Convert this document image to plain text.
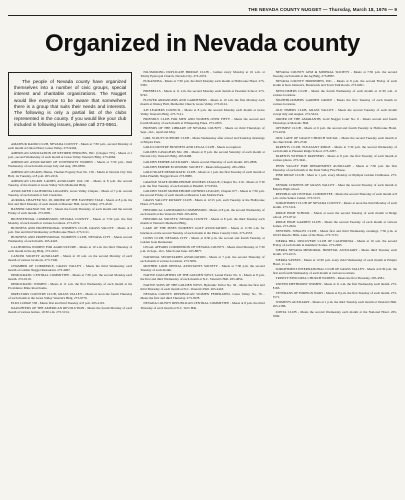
THE NEVADA COUNTY NUGGET — Thursday, March 18, 1976 — 9
Organized in Nevada county

The people of Nevada county have organized themselves into a number of civic groups, special interest and charitable organizations. The Nugget would like everyone to be aware that somewhere there is a group that suits their needs and interests. The following is only a partial list of the clubs represented in the county. If you would like your club included in following issues, please call 273-9561.

AMATEUR RADIO CLUB, NEVADA COUNTY - Meets at 7:30 p.m., second Monday of each month at Union Hotel, Grass Valley. 273-9494.

AMERICAN ASSOCIATION OF RETIRED PERSONS, INC. (Chapter 755) - Meets at 1 p.m., second Wednesday of each month at Grass Valley Veteran's Bldg. 273-4064.

AMERICAN ASSOCIATION OF UNIVERSITY WOMEN - Meets at 7:30 p.m., third Wednesday of each month except July and Aug. 265-6836.

AMERICAN LEGION, Hanna, Thomas Fogarty Post No. 130 - Meets at Nevada City Vets Hall, 1st Tuesday, at 8 p.m. 265-2216.

AMERICAN LEGION LADIES AUXILIARY Unit 130 - Meets at 8 p.m. the second Tuesday of the month at Grass Valley Vet's Memorial Bldg.

ASSOCIATED CALIFORNIA LOGGERS, Grass Valley Chapter - Meets at 7 p.m. second Tuesday of each month at Salt Creek Inn.

AURORA CHAPTER NO. 28, ORDER OF THE EASTERN STAR - Meets at 8 p.m. the first and third Monday of each month at Masonic Hall, Grass Valley. 273-4316.

BANNER GRANGE NO. 827 - Meets the fourth Thursday of each month and the second Friday of each month. 273-9581.

BICENTENNIAL COMMISSION, NEVADA COUNTY - Meets at 7:30 p.m. the first Monday of each month at various locations. 273-2572.

BUSINESS AND PROFESSIONAL WOMEN'S CLUB, GRASS VALLEY - Meets at 6 p.m. first and third Wednesday at Holbrooke Hotel. 273-5111.

BUSINESS AND PROFESSIONAL WOMEN'S CLUB, NEVADA CITY - Meets second Wednesday of each month. 265-4418.

CALIFORNIA WOMEN FOR AGRICULTURE - Meets at 10 a.m. the third Thursday of each month in the Ag Bldg. 273-2222.

CANCER SOCIETY AUXILIARY - Meets at 10 a.m. on the second Monday of each month at various locations. 273-7346.

CHAMBER OF COMMERCE, GRASS VALLEY - Meets the third Wednesday each month at Golden Nugget Restaurant. 273-4667.

DEMOCRATIC CENTRAL COMMITTEE - Meets at 7:30 p.m. the second Monday each month. 272-6119.

DEMOCRATIC WOMEN - Meets at 11 a.m. the first Wednesday of each month at the Providence Mine Road home.

DIRECTORS COUNTRY CLUB, GRASS VALLEY - Meets at noon the fourth Thursday of each month at the Grass Valley Veteran's Bldg. 273-9776.

ELKS LODGE 538 - Meets first and third Tuesday at 8 p.m. 265-2191.

DAUGHTERS OF THE AMERICAN REVOLUTION - Meets the fourth Monday of each month at various homes, 10:30 a.m. 273-5154.

NO-SMOKING DUPLICATE BRIDGE CLUB - Games every Monday at 10 a.m. at Trinity Episcopal Church, Nevada City. 273-2974.

EUKANUBA - Meets at 7:30 p.m. the third Monday each month at Holbrooke Hotel. 273-5565.

FIREBELLS - Meets at 11 a.m. the second Monday each month at Peardale School. 273-9742.

FLOWER ARRANGERS AND GARDENERS - Meets at 10 a.m. the first Monday each month at Wesley Hall, Methodist Church, Grass Valley. 273-6124.

4-H LEADERS COUNCIL - Meets at 8 p.m. the second Monday each month at Grass Valley Veteran's Bldg. 273-7141.

FRIENDLY CLUB FOR MEN AND WOMEN OVER FIFTY - Meets the second and fourth Monday of each month at Whispering Pines. 273-4305.

FRIENDS OF THE LIBRARY OF NEVADA COUNTY - Meets on third Thursdays of Sept., Oct., April and May.

GIRL SCOUTS SUPPORT CLUB - Meets Wednesday after school and Saturday mornings at Empire Park.

GOLD COUNTRY BUSINESS AND LEGAL CLUB - Meets as required.

GOLDEN CAVALIERS NO. 282 - Meets at 8 p.m. the second Saturday of each month at Nevada City Veteran's Bldg. 265-9468.

GOLDEN EMPIRE AUXILIARY - Meets second Thursday of each month. 265-2896.

GOLDEN EMPIRE ECONOMIC SOCIETY - Meets infrequently. 265-2994.

GOLD SKATE DEMOCRATIC CLUB - Meets at 1 p.m. the first Tuesday of each month at KOA Pinehill, Nugget Road. 273-8980.

GRANGE STATE MOBILEHOME OWNERS LEAGUE, Chapter No. 216 - Meets at 7:30 p.m. the first Tuesday of each month at Pinehill. 273-6561.

GOLDEN STATE MOBILEHOME OWNERS LEAGUE, Chapter 677 - Meets at 7:30 p.m. the second Friday of each month at Meadow Lark Mobile Park.

GRASS VALLEY ROTARY CLUB - Meets at 12:15 p.m. each Tuesday at the Holbrooke Hotel. 273-6219.

HISTORICAL LANDMARKS COMMISSION - Meets at 8 p.m. the second Wednesday of each month at the Veteran's Hall. 265-4652.

HISTORICAL SOCIETY, NEVADA COUNTY - Meets at 8 p.m. the third Tuesday each month at Veteran's Memorial Bldg.

LAKE OF THE PINES WOMEN'S GOLF ASSOCIATION - Meets at 11:30 a.m. for luncheon on the second Tuesday of each month at the Pines Country Club. 273-4553.

LIONS CLUB, NEVADA CITY - Meets at 6:30 p.m. the second and fourth Tuesday at Golden Gate Restaurant.

LEGAL AFFAIRS COMMISSION OF NEVADA COUNTY - Meets third Monday at 7:30 p.m. in Sept., Oct., March and June. 265-8877.

NATIONAL SECRETARIES ASSOCIATION - Meets at 7 p.m. the second Thursday of each month at various locations. 273-5681.

MOTHER LODE DENTAL ASSISTANTS SOCIETY - Meets at 7:30 p.m. the second Tuesday of each month.

NATIVE DAUGHTERS OF THE GOLDEN WEST, Laurel Parlor No. 6 - Meets at 8 p.m. the first and third Wednesday of each month at N.C. Veteran's Hall. 265-4854.

NATIVE SONS OF THE GOLDEN WEST, Hydraulic Parlor No. 56 - Meets the first and third Thursday of each month at N.C. Veteran's Hall. 265-2418.

NEVADA COUNTY REPUBLICAN WOMEN FEDERATED, Grass Valley No. 76 - Meets the first and third Thursday. 273-3978.

NEVADA COUNTY REPUBLICAN CENTRAL COMMITTEE - Meets at 8 p.m. the third Thursday of each month at N.C. Vet's Hall.

NEVADA COUNTY GEM & MINERAL SOCIETY - Meets at 7:30 p.m. the second Tuesday each month at the Ag Bldg. 273-8867.

NEVADA COUNTY HORSEMEN, INC. - Meets at 8 p.m. the second Friday of each month at Ken Johnson's, Brunswick and Town Talk Roads. 273-6201.

NEWCOMERS CLUB - Meets the fourth Wednesday of each month at 11:30 a.m. at various locations.

NIGHTBLOOMERS GARDEN GROUP - Meets the first Tuesday of each month in various locations.

OLD TIMERS CLUB, GRASS VALLEY - Meets the second Tuesday of each month except July and August. 273-5424.

ORDER OF THE AMARANTH, Gold Nugget Court No. 6 - Meets second and fourth Thursdays at Masonic Hall.

OPTIMIST CLUB - Meets at 6 p.m. the second and fourth Tuesday at Holbrooke Hotel. 273-2232.

OUR LADY OF GRACE CHURCH SOCIAL - Meets the second Tuesday each month at the church hall. 265-2749.

PARENTS CLUB, PLEASANT RIDGE - Meets at 7:30 p.m. the second Wednesday of each month at Pleasant Ridge School. 273-2267.

PARENTS WITHOUT PARTNERS - Meets at 8 p.m. the first Tuesday of each month at various places. 273-3441.

PENN VALLEY FIRE DEPARTMENT AUXILIARY - Meets at 7:30 p.m. the first Thursday of each month at the Penn Valley Fire House.

PINE RIDGE CLUB - Meet at 1 p.m. every Monday at Olympia Golden Clubhouse. 273-1964.

SENIOR CITIZENS OF GRASS VALLEY - Meet the second Tuesday of each month at Empire High school.

REPUBLICAN CENTRAL COMMITTEE - Meets the second Thursday of each month at 8 p.m. at the Senior Center. 273-5153.

SOROPTIMIST CLUB OF NEVADA COUNTY - Meets at noon the third Monday of each month. 273-5116.

RIDGE HIGH SCHOOL - Meets at noon the second Tuesday of each month at Ridge school. 273-9712.

RIDGE HIGH GARDEN CLUB - Meets the second Tuesday of each month at various homes. 273-2624.

SENTINEL SINGLES CLUB - Meets first and third Wednesday evenings, 7:30 p.m. at 10193 Rancho Hills, Lake of the Pines. 273-7155.

SIERRA HILL DISCOVERY CLUB OF CALIFORNIA - Meets at 10 a.m. the second Friday of each month in members' homes. 273-2285.

SIERRA NEVADA MEMORIAL HOSPITAL AUXILIARY - Meets third Tuesday each month. 273-2213.

SIERRA SAYERS - Meets at 12:30 p.m. every third Wednesday of each month at Empire Hotel, 11 a.m.

SOROPTIMIST INTERNATIONAL CLUB OF GRASS VALLEY - Meets at 6:30 p.m. the first and fourth Wednesday of each month at various locations.

TRINITY EPISCOPAL CHURCH WOMEN - Meets the first Thursday. 265-4581.

UNITED METHODIST WOMEN - Meets at 11 a.m. the first Wednesday each month. 273-8163.

VETERANS OF FOREIGN WARS - Meets at 8 p.m. the first Tuesday of each month. 273-5571.

WOMEN'S AUXILIARY - Meets at 1 p.m. the third Tuesday each month at Veteran's Hall. 265-2186.

ZONTA CLUB - Meets the second Wednesday each month at the National Hotel. 265-5060.
